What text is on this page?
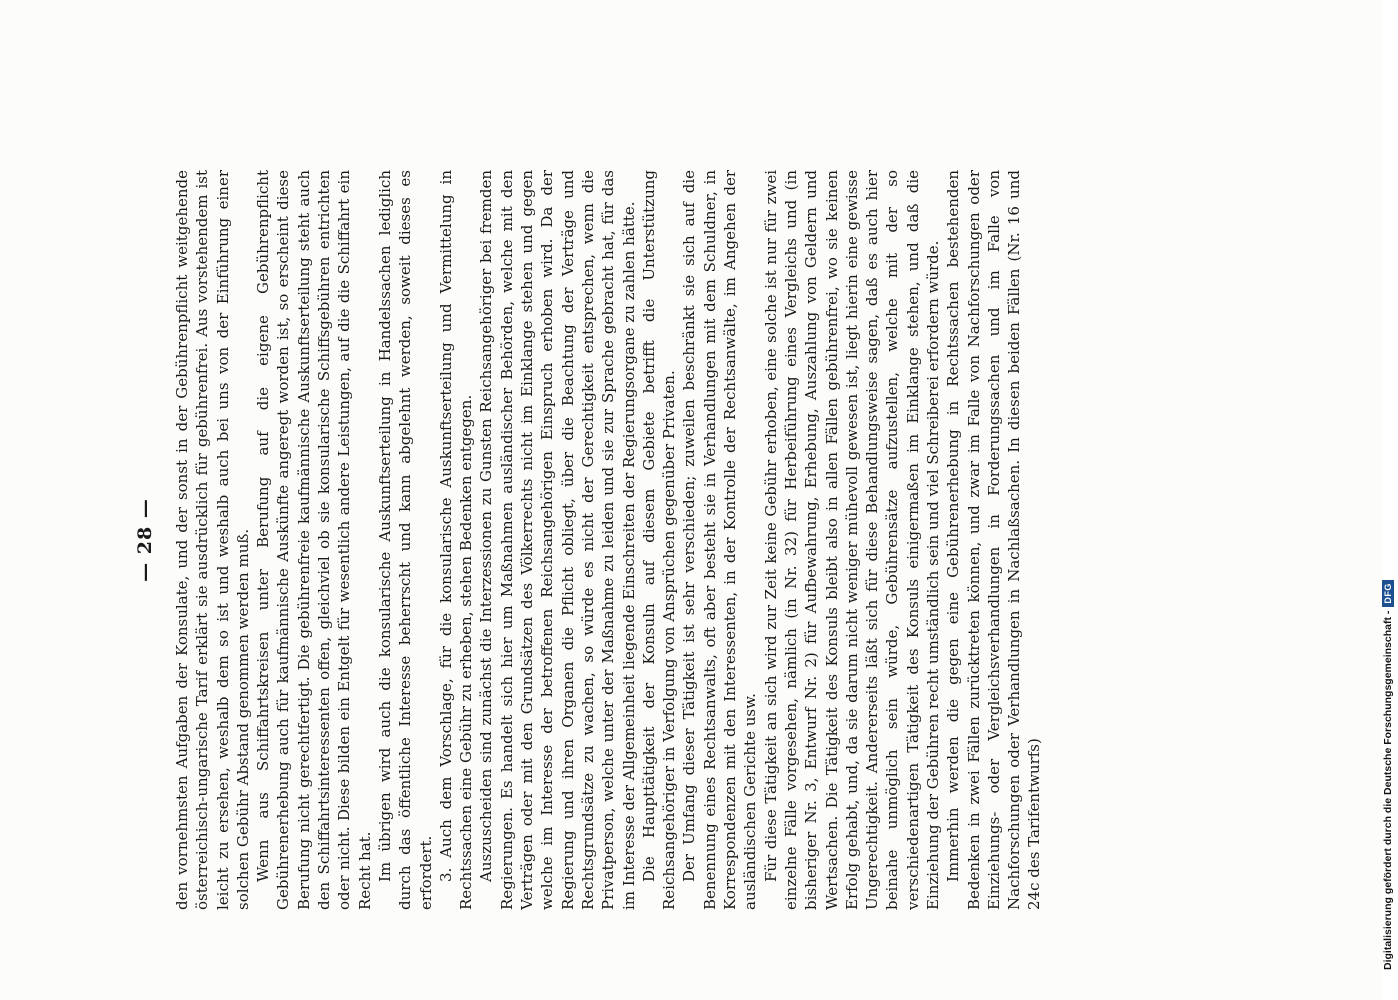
— 28 — den vornehmsten Aufgaben der Konsulate, und der sonst in der Gebührenpflicht weitgehende österreichisch-ungarische Tarif erklärt sie ausdrücklich für gebührenfrei. Aus vorstehendem ist leicht zu ersehen, weshalb dem so ist und weshalb auch bei uns von der Einführung einer solchen Gebühr Abstand genommen werden muß. Wenn aus Schiffahrtskreisen unter Berufung auf die eigene Gebührenpflicht Gebührenerhebung auch für kaufmännische Auskünfte angeregt worden ist, so erscheint diese Berufung nicht gerechtfertigt. Die gebührenfreie kaufmännische Auskunftserteilung steht auch den Schiffahrtsinteressenten offen, gleichviel ob sie konsularische Schiffsgebühren entrichten oder nicht. Diese bilden ein Entgelt für wesentlich andere Leistungen, auf die die Schiffahrt ein Recht hat. Im übrigen wird auch die konsularische Auskunftserteilung in Handelssachen lediglich durch das öffentliche Interesse beherrscht und kann abgelehnt werden, soweit dieses es erfordert. 3. Auch dem Vorschlage, für die konsularische Auskunftserteilung und Vermittelung in Rechtssachen eine Gebühr zu erheben, stehen Bedenken entgegen. Auszuscheiden sind zunächst die Interzessionen zu Gunsten Reichsangehöriger bei fremden Regierungen. Es handelt sich hier um Maßnahmen ausländischer Behörden, welche mit den Verträgen oder mit den Grundsätzen des Völkerrechts nicht im Einklange stehen und gegen welche im Interesse der betroffenen Reichsangehörigen Einspruch erhoben wird. Da der Regierung und ihren Organen die Pflicht obliegt, über die Beachtung der Verträge und Rechtsgrundsätze zu wachen, so würde es nicht der Gerechtigkeit entsprechen, wenn die Privatperson, welche unter der Maßnahme zu leiden und sie zur Sprache gebracht hat, für das im Interesse der Allgemeinheit liegende Einschreiten der Regierungsorgane zu zahlen hätte. Die Haupttätigkeit der Konsuln auf diesem Gebiete betrifft die Unterstützung Reichsangehöriger in Verfolgung von Ansprüchen gegenüber Privaten. Der Umfang dieser Tätigkeit ist sehr verschieden; zuweilen beschränkt sie sich auf die Benennung eines Rechtsanwalts, oft aber besteht sie in Verhandlungen mit dem Schuldner, in Korrespondenzen mit den Interessenten, in der Kontrolle der Rechtsanwälte, im Angehen der ausländischen Gerichte usw. Für diese Tätigkeit an sich wird zur Zeit keine Gebühr erhoben, eine solche ist nur für zwei einzelne Fälle vorgesehen, nämlich (in Nr. 32) für Herbeiführung eines Vergleichs und (in bisheriger Nr. 3, Entwurf Nr. 2) für Aufbewahrung, Erhebung, Auszahlung von Geldern und Wertsachen. Die Tätigkeit des Konsuls bleibt also in allen Fällen gebührenfrei, wo sie keinen Erfolg gehabt, und, da sie darum nicht weniger mühevoll gewesen ist, liegt hierin eine gewisse Ungerechtigkeit. Andererseits läßt sich für diese Behandlungsweise sagen, daß es auch hier beinahe unmöglich sein würde, Gebührensätze aufzustellen, welche mit der so verschiedenartigen Tätigkeit des Konsuls einigermaßen im Einklange stehen, und daß die Einziehung der Gebühren recht umständlich sein und viel Schreiberei erfordern würde. Immerhin werden die gegen eine Gebührenerhebung in Rechtssachen bestehenden Bedenken in zwei Fällen zurücktreten können, und zwar im Falle von Nachforschungen oder Einziehungs- oder Vergleichsverhandlungen in Forderungssachen und im Falle von Nachforschungen oder Verhandlungen in Nachlaßsachen. In diesen beiden Fällen (Nr. 16 und 24c des Tarifentwurfs)	Digitalisierung gefördert durch die Deutsche Forschungsgemeinschaft -DFG
